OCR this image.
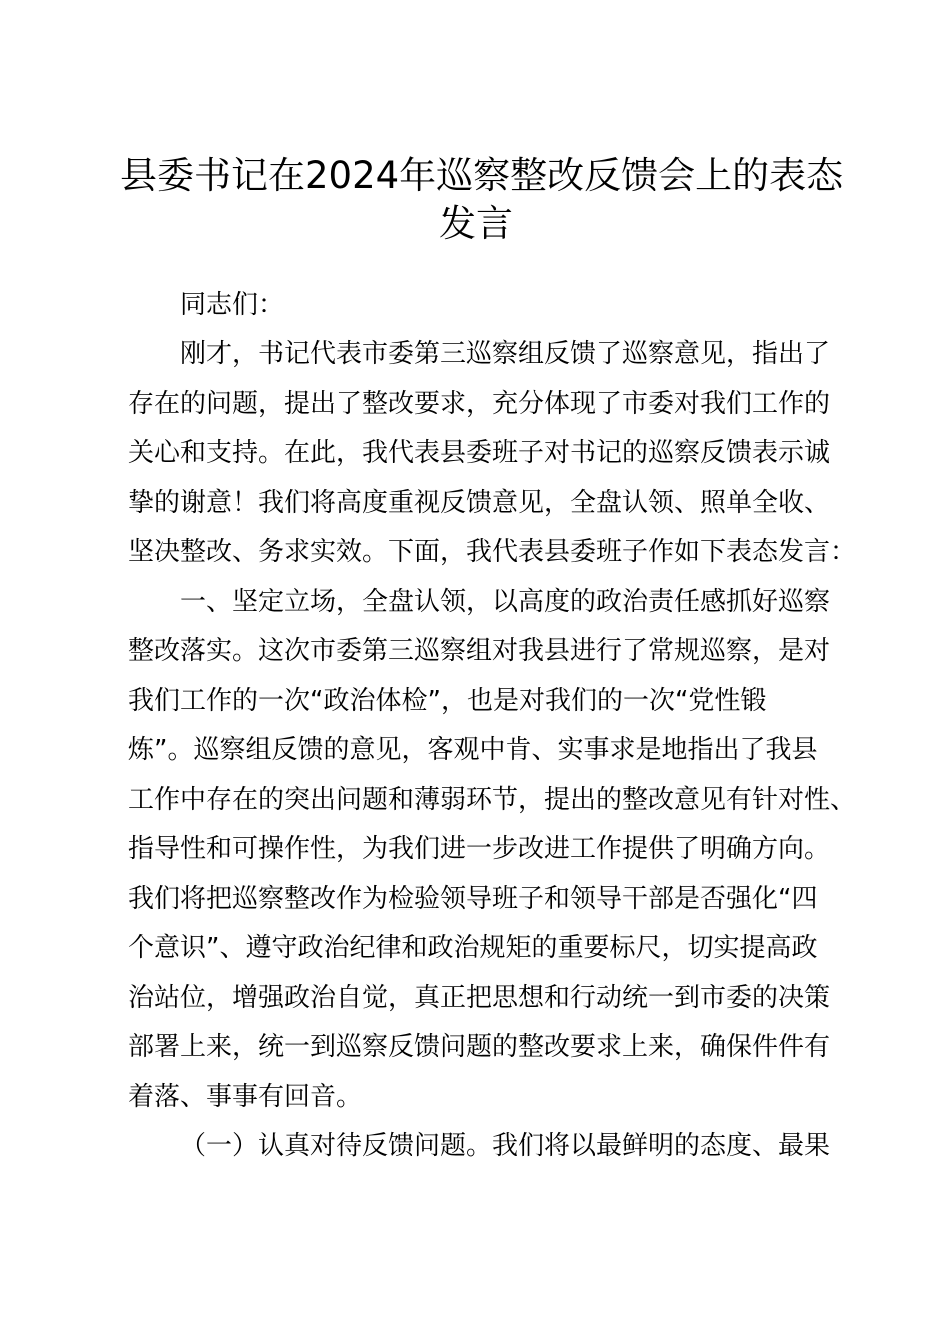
县委书记在2024年巡察整改反馈会上的表态
发言
同志们：
刚才，书记代表市委第三巡察组反馈了巡察意见，指出了
存在的问题，提出了整改要求，充分体现了市委对我们工作的
关心和支持。在此，我代表县委班子对书记的巡察反馈表示诚
挚的谢意！我们将高度重视反馈意见，全盘认领、照单全收、
坚决整改、务求实效。下面，我代表县委班子作如下表态发言：
一、坚定立场，全盘认领，以高度的政治责任感抓好巡察
整改落实。这次市委第三巡察组对我县进行了常规巡察，是对
我们工作的一次“政治体检”，也是对我们的一次“党性锻
炼”。巡察组反馈的意见，客观中肯、实事求是地指出了我县
工作中存在的突出问题和薄弱环节，提出的整改意见有针对性、
指导性和可操作性，为我们进一步改进工作提供了明确方向。
我们将把巡察整改作为检验领导班子和领导干部是否强化“四
个意识”、遵守政治纪律和政治规矩的重要标尺，切实提高政
治站位，增强政治自觉，真正把思想和行动统一到市委的决策
部署上来，统一到巡察反馈问题的整改要求上来，确保件件有
着落、事事有回音。
（一）认真对待反馈问题。我们将以最鲜明的态度、最果
